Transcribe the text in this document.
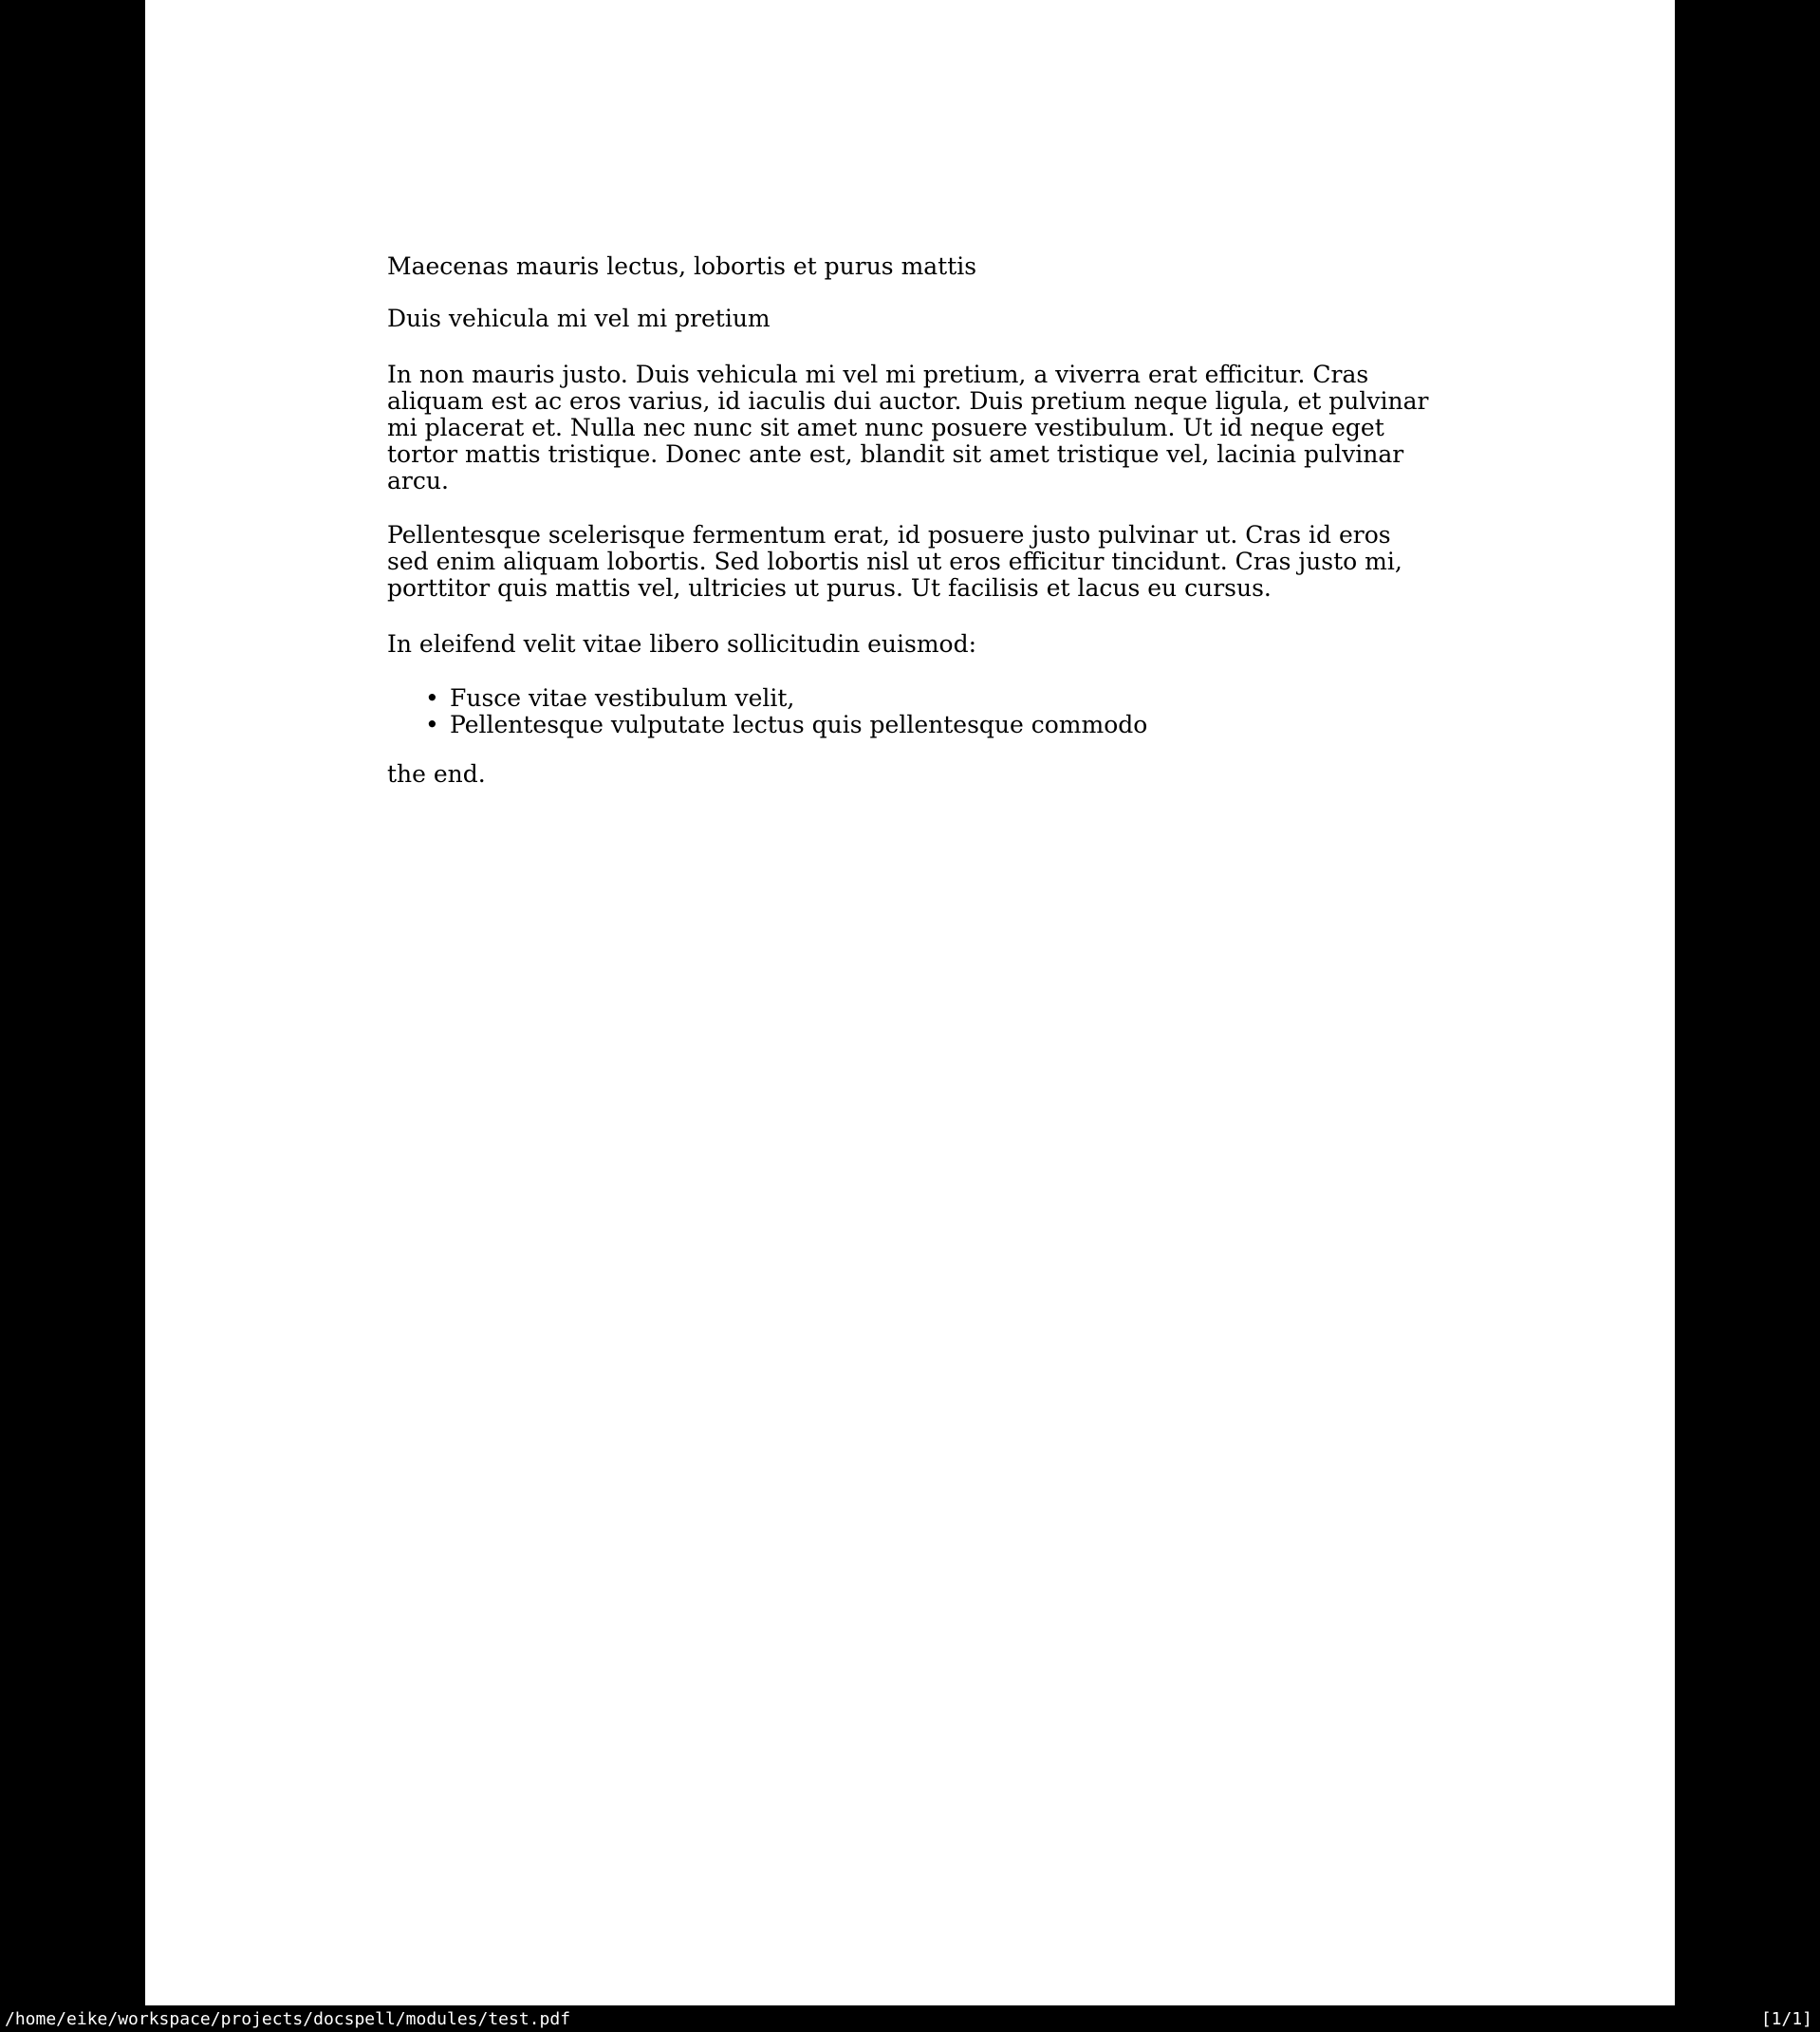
Maecenas mauris lectus, lobortis et purus mattis

Duis vehicula mi vel mi pretium

In non mauris justo. Duis vehicula mi vel mi pretium, a viverra erat efficitur. Cras aliquam est ac eros varius, id iaculis dui auctor. Duis pretium neque ligula, et pulvinar mi placerat et. Nulla nec nunc sit amet nunc posuere vestibulum. Ut id neque eget tortor mattis tristique. Donec ante est, blandit sit amet tristique vel, lacinia pulvinar arcu.

Pellentesque scelerisque fermentum erat, id posuere justo pulvinar ut. Cras id eros sed enim aliquam lobortis. Sed lobortis nisl ut eros efficitur tincidunt. Cras justo mi, porttitor quis mattis vel, ultricies ut purus. Ut facilisis et lacus eu cursus.

In eleifend velit vitae libero sollicitudin euismod:

• Fusce vitae vestibulum velit,
• Pellentesque vulputate lectus quis pellentesque commodo

the end.

/home/eike/workspace/projects/docspell/modules/test.pdf	[1/1]
